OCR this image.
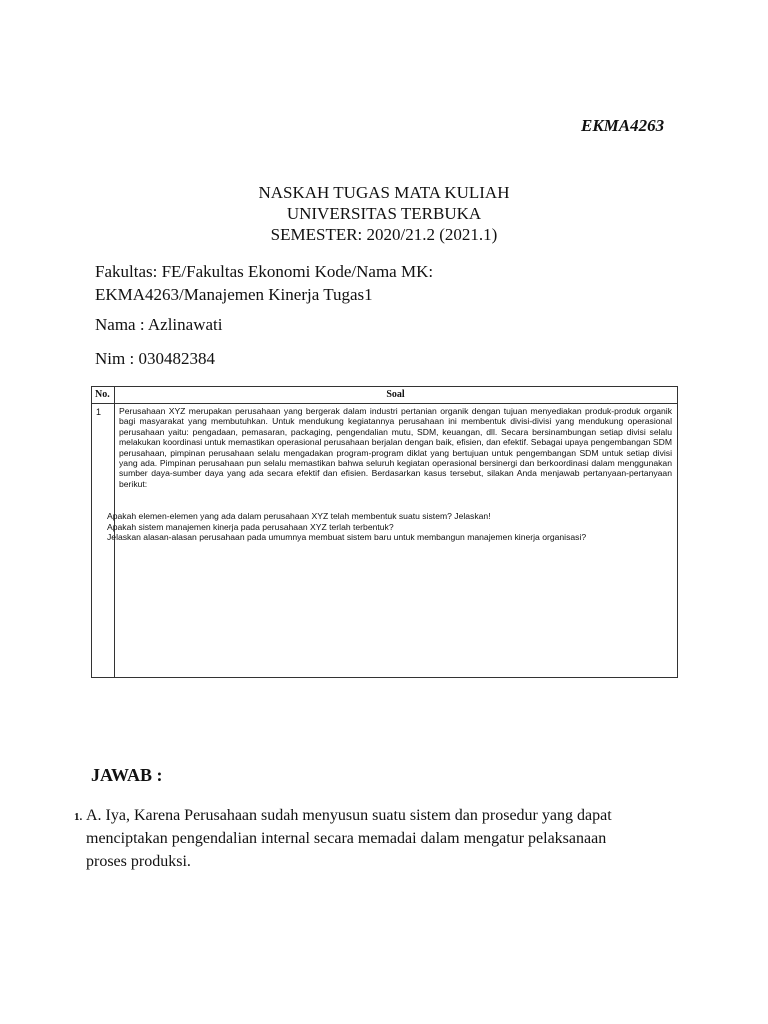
EKMA4263
NASKAH TUGAS MATA KULIAH
UNIVERSITAS TERBUKA
SEMESTER: 2020/21.2 (2021.1)
Fakultas: FE/Fakultas Ekonomi Kode/Nama MK:
EKMA4263/Manajemen Kinerja Tugas1
Nama : Azlinawati
Nim : 030482384
No.	Soal
1 Perusahaan XYZ merupakan perusahaan yang bergerak dalam industri pertanian organik dengan tujuan menyediakan produk-produk organik bagi masyarakat yang membutuhkan. Untuk mendukung kegiatannya perusahaan ini membentuk divisi-divisi yang mendukung operasional perusahaan yaitu: pengadaan, pemasaran, packaging, pengendalian mutu, SDM, keuangan, dll. Secara bersinambungan setiap divisi selalu melakukan koordinasi untuk memastikan operasional perusahaan berjalan dengan baik, efisien, dan efektif. Sebagai upaya pengembangan SDM perusahaan, pimpinan perusahaan selalu mengadakan program-program diklat yang bertujuan untuk pengembangan SDM untuk setiap divisi yang ada. Pimpinan perusahaan pun selalu memastikan bahwa seluruh kegiatan operasional bersinergi dan berkoordinasi dalam menggunakan sumber daya-sumber daya yang ada secara efektif dan efisien. Berdasarkan kasus tersebut, silakan Anda menjawab pertanyaan-pertanyaan berikut:
Apakah elemen-elemen yang ada dalam perusahaan XYZ telah membentuk suatu sistem? Jelaskan!
Apakah sistem manajemen kinerja pada perusahaan XYZ terlah terbentuk?
Jelaskan alasan-alasan perusahaan pada umumnya membuat sistem baru untuk membangun manajemen kinerja organisasi?
JAWAB :
1. A. Iya, Karena Perusahaan sudah menyusun suatu sistem dan prosedur yang dapat
menciptakan pengendalian internal secara memadai dalam mengatur pelaksanaan
proses produksi.
